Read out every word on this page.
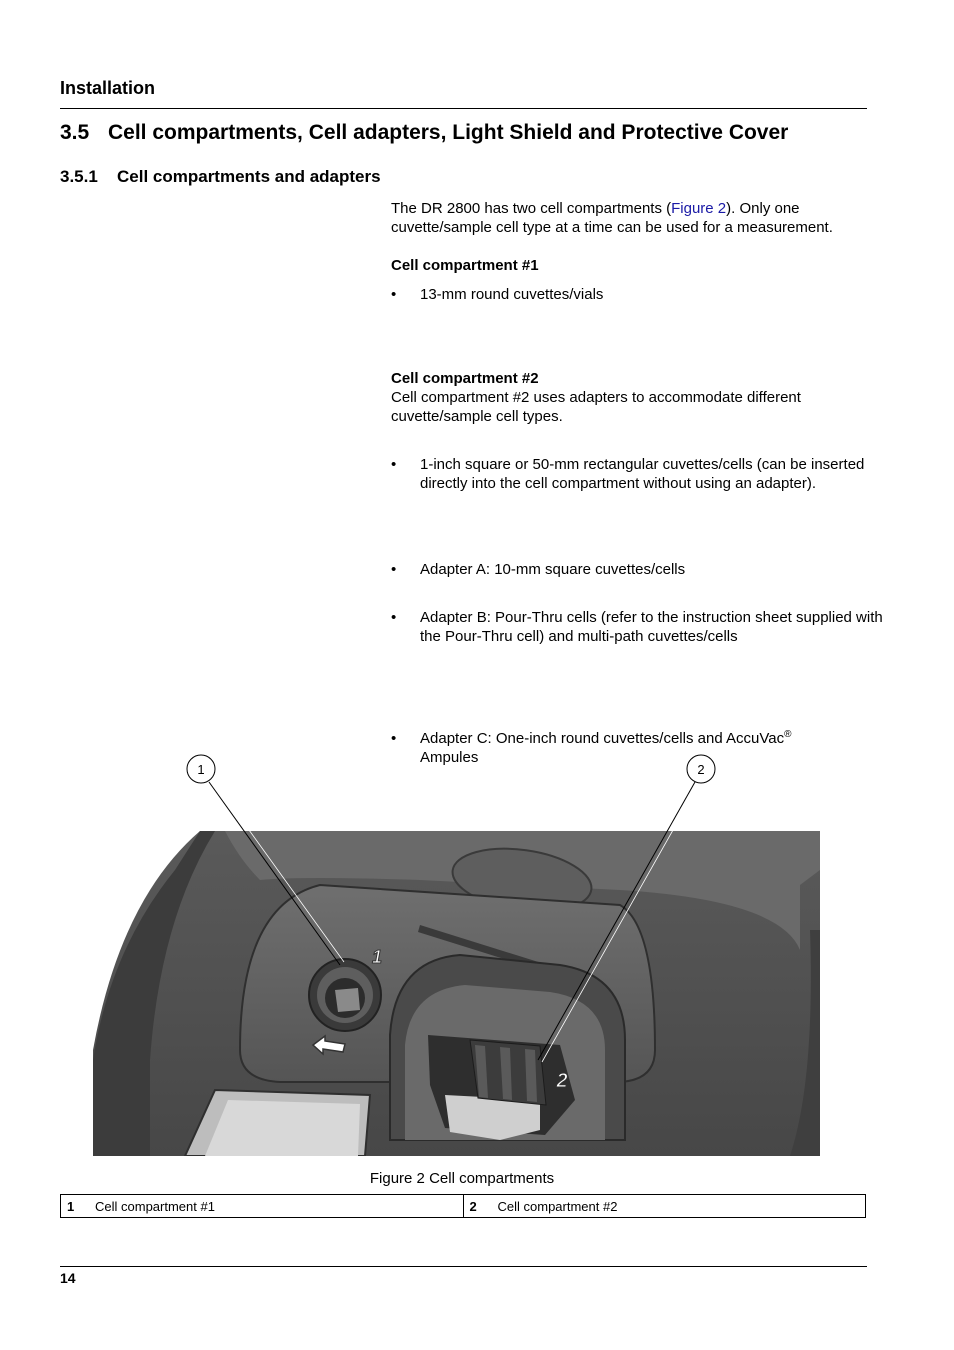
Installation
3.5 Cell compartments, Cell adapters, Light Shield and Protective Cover
3.5.1 Cell compartments and adapters
The DR 2800 has two cell compartments (Figure 2). Only one cuvette/sample cell type at a time can be used for a measurement.
Cell compartment #1
• 13-mm round cuvettes/vials
Cell compartment #2
Cell compartment #2 uses adapters to accommodate different cuvette/sample cell types.
• 1-inch square or 50-mm rectangular cuvettes/cells (can be inserted directly into the cell compartment without using an adapter).
• Adapter A: 10-mm square cuvettes/cells
• Adapter B: Pour-Thru cells (refer to the instruction sheet supplied with the Pour-Thru cell) and multi-path cuvettes/cells
• Adapter C: One-inch round cuvettes/cells and AccuVac®
Ampules
1
2
1	2
Figure 2 Cell compartments
1 Cell compartment #1	2 Cell compartment #2
14
